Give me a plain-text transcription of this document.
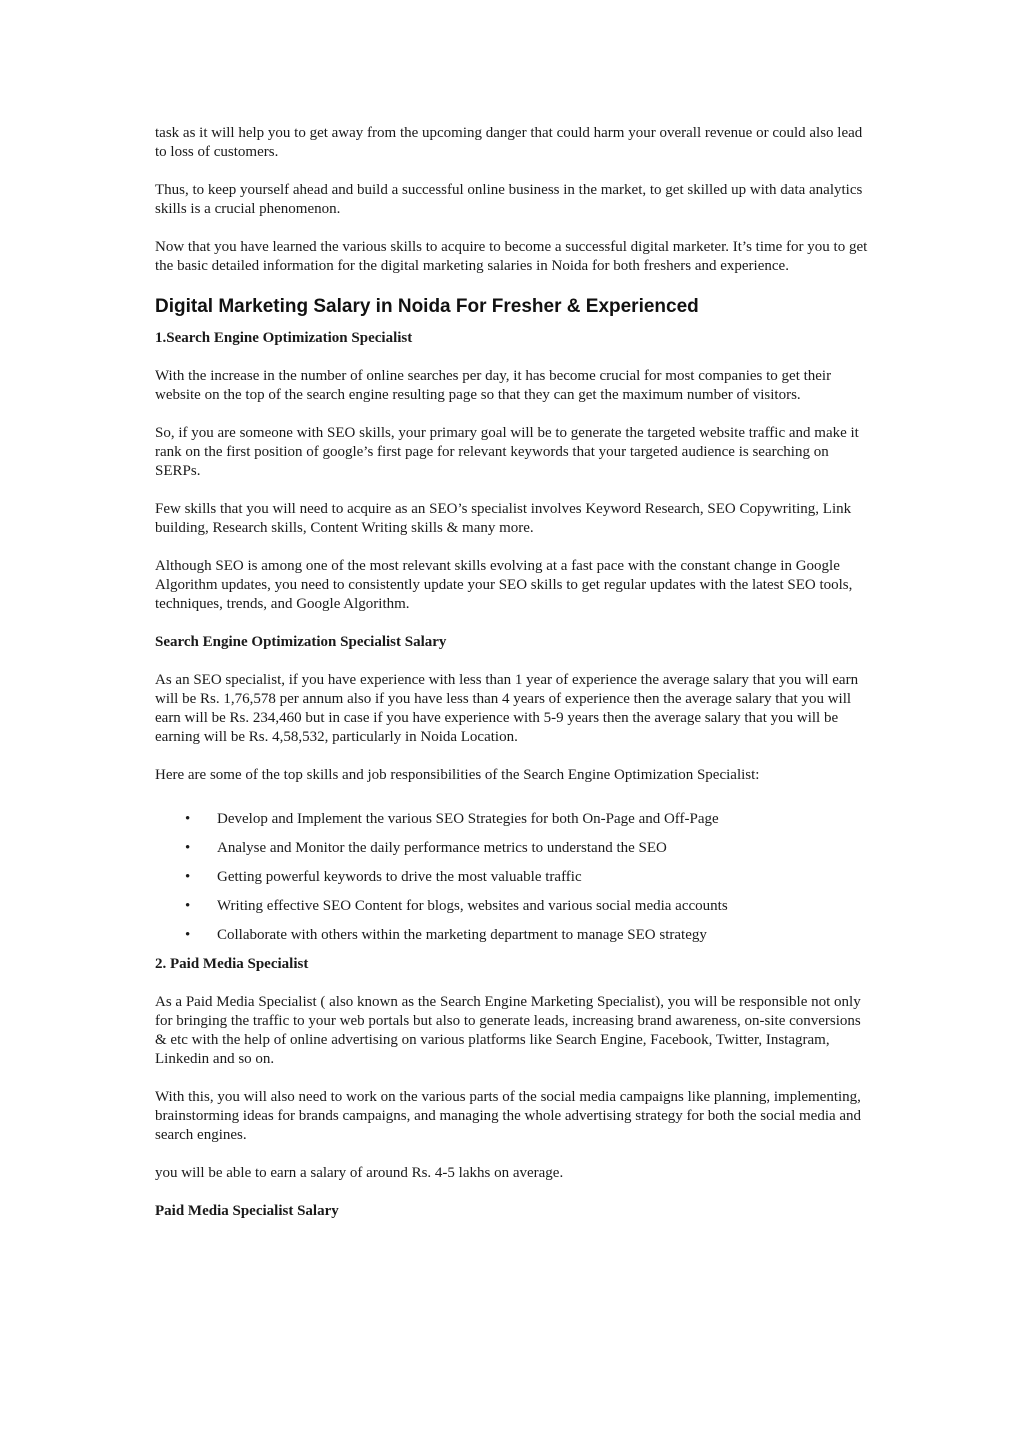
task as it will help you to get away from the upcoming danger that could harm your overall revenue or could also lead to loss of customers.

Thus, to keep yourself ahead and build a successful online business in the market, to get skilled up with data analytics skills is a crucial phenomenon.

Now that you have learned the various skills to acquire to become a successful digital marketer. It’s time for you to get the basic detailed information for the digital marketing salaries in Noida for both freshers and experience.

Digital Marketing Salary in Noida For Fresher & Experienced
1.Search Engine Optimization Specialist

With the increase in the number of online searches per day, it has become crucial for most companies to get their website on the top of the search engine resulting page so that they can get the maximum number of visitors.

So, if you are someone with SEO skills, your primary goal will be to generate the targeted website traffic and make it rank on the first position of google’s first page for relevant keywords that your targeted audience is searching on SERPs.

Few skills that you will need to acquire as an SEO’s specialist involves Keyword Research, SEO Copywriting, Link building, Research skills, Content Writing skills & many more.

Although SEO is among one of the most relevant skills evolving at a fast pace with the constant change in Google Algorithm updates, you need to consistently update your SEO skills to get regular updates with the latest SEO tools, techniques, trends, and Google Algorithm.

Search Engine Optimization Specialist Salary

As an SEO specialist, if you have experience with less than 1 year of experience the average salary that you will earn will be Rs. 1,76,578 per annum also if you have less than 4 years of experience then the average salary that you will earn will be Rs. 234,460 but in case if you have experience with 5-9 years then the average salary that you will be earning will be Rs. 4,58,532, particularly in Noida Location.

Here are some of the top skills and job responsibilities of the Search Engine Optimization Specialist:

• Develop and Implement the various SEO Strategies for both On-Page and Off-Page
• Analyse and Monitor the daily performance metrics to understand the SEO
• Getting powerful keywords to drive the most valuable traffic
• Writing effective SEO Content for blogs, websites and various social media accounts
• Collaborate with others within the marketing department to manage SEO strategy
2. Paid Media Specialist

As a Paid Media Specialist ( also known as the Search Engine Marketing Specialist), you will be responsible not only for bringing the traffic to your web portals but also to generate leads, increasing brand awareness, on-site conversions & etc with the help of online advertising on various platforms like Search Engine, Facebook, Twitter, Instagram, Linkedin and so on.

With this, you will also need to work on the various parts of the social media campaigns like planning, implementing, brainstorming ideas for brands campaigns, and managing the whole advertising strategy for both the social media and search engines.

you will be able to earn a salary of around Rs. 4-5 lakhs on average.

Paid Media Specialist Salary
